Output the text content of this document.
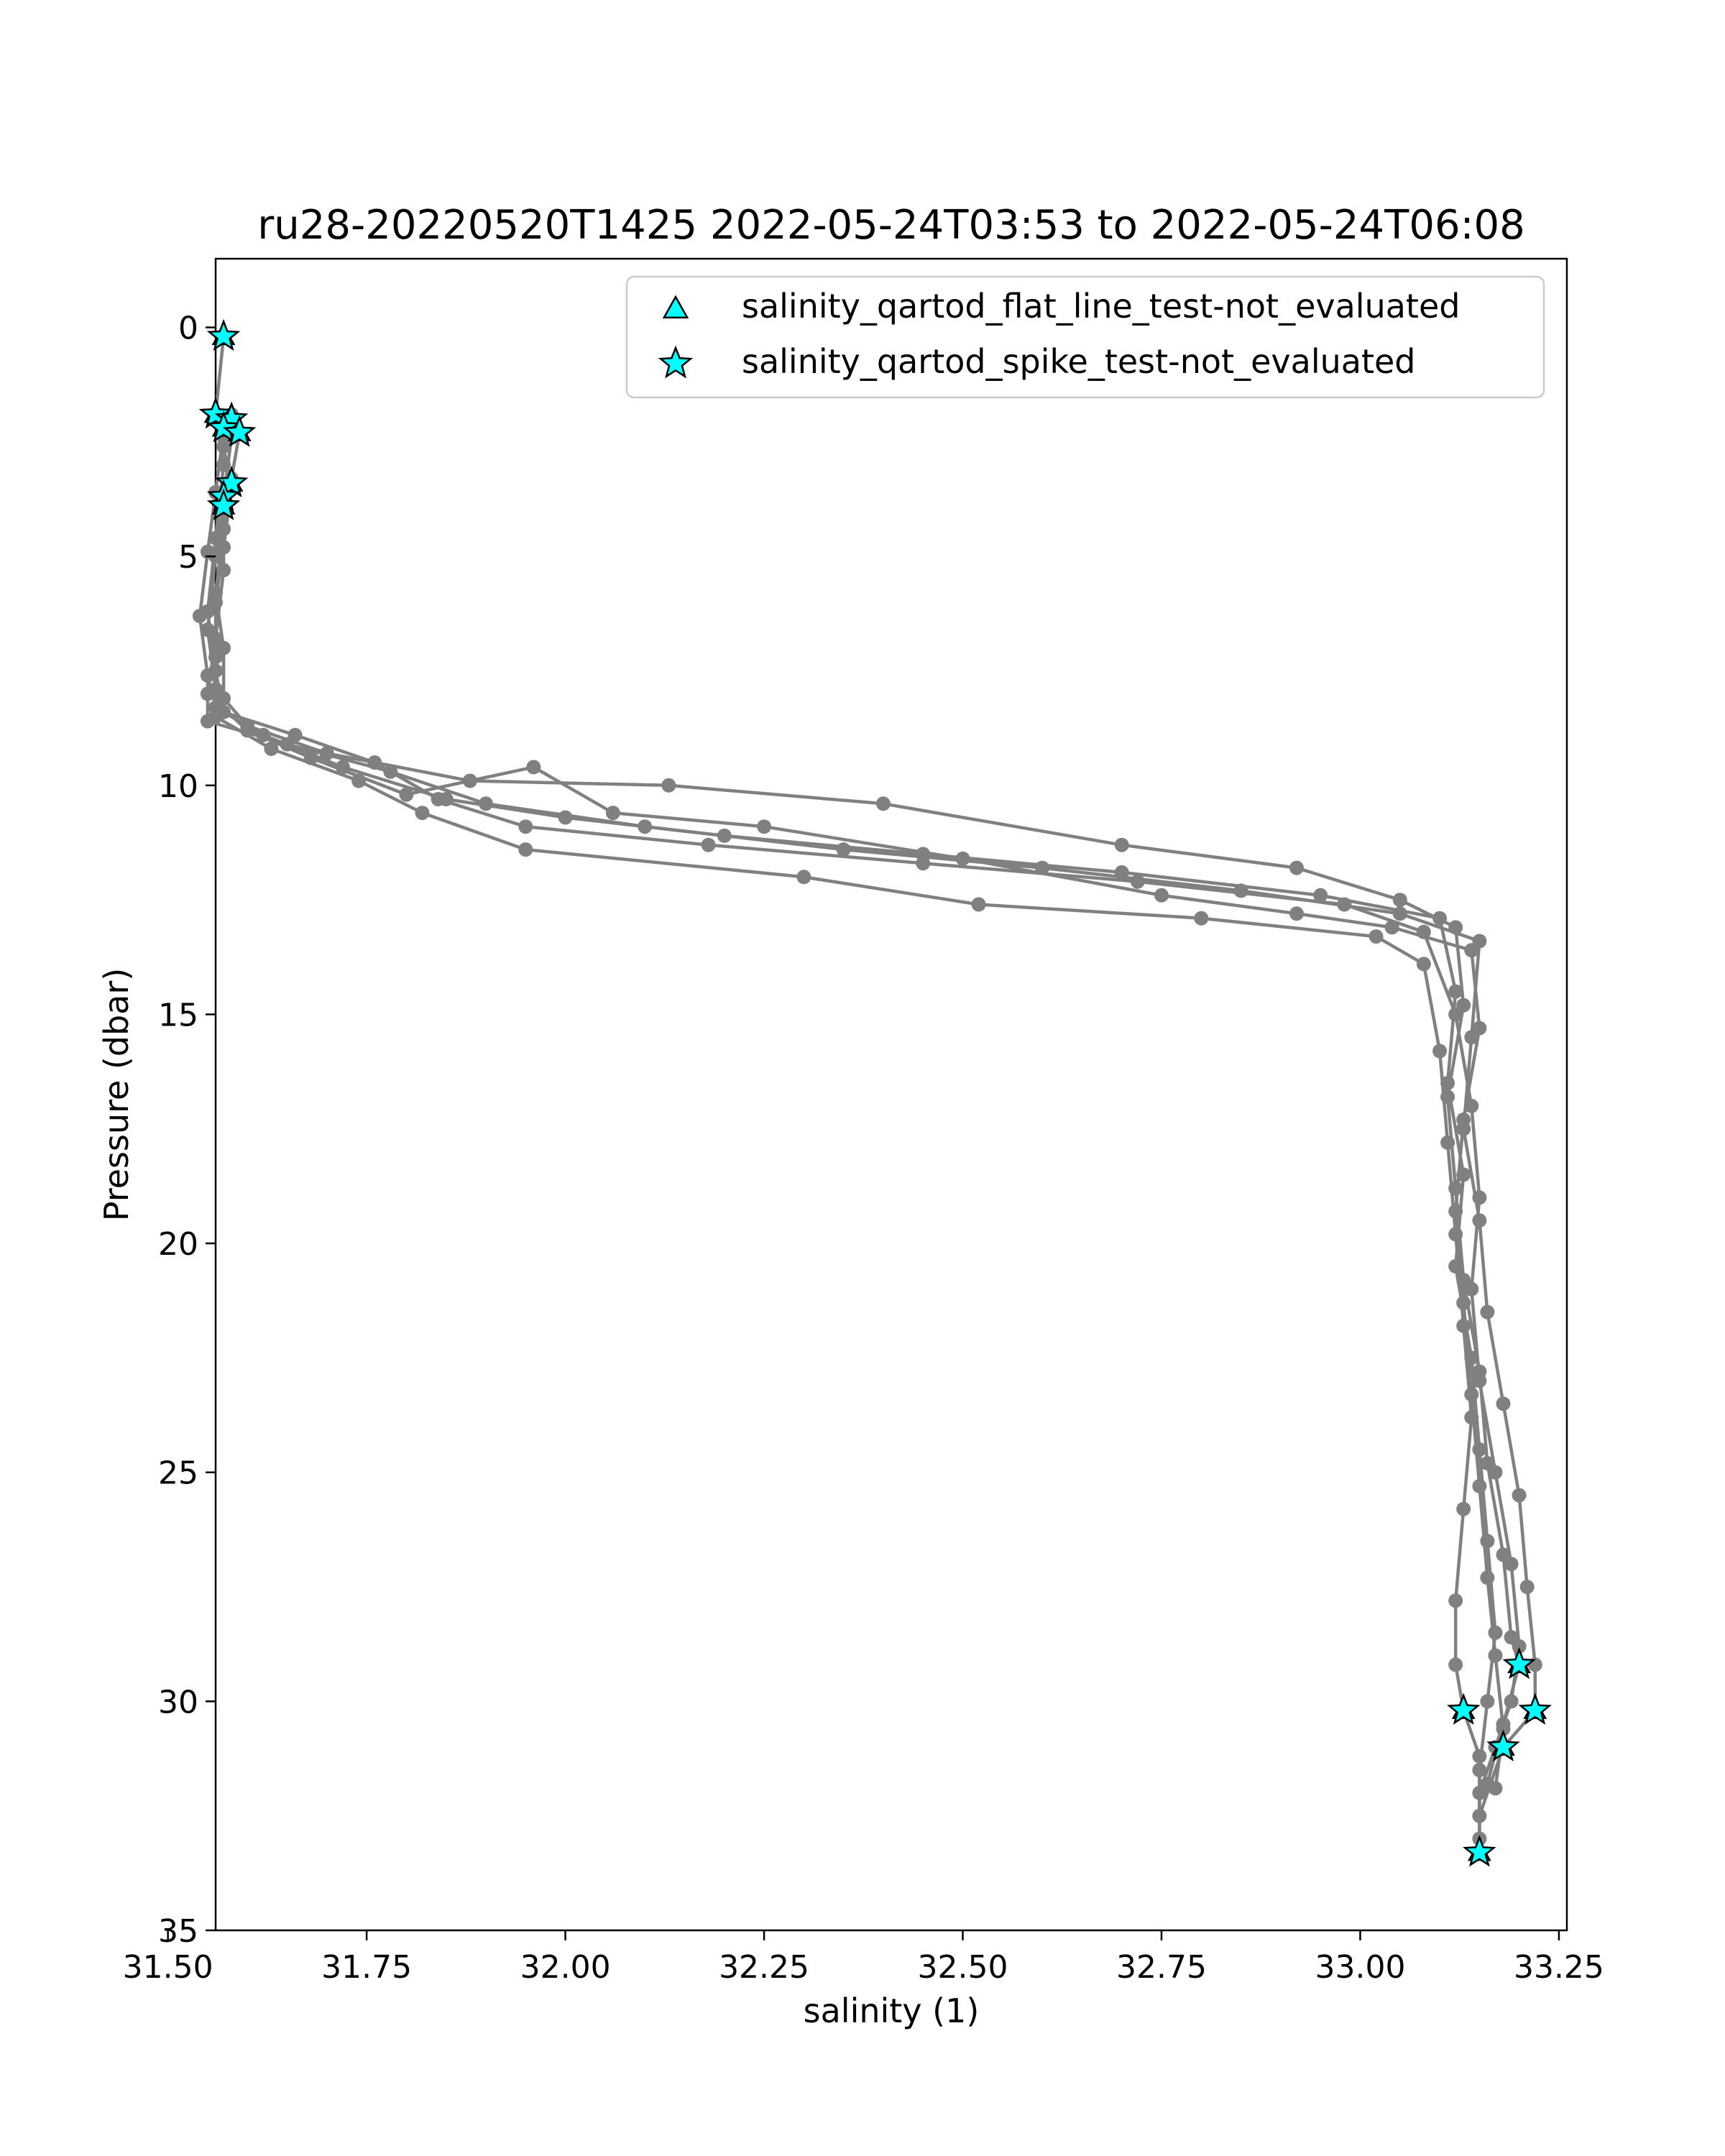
ru28-20220520T1425 2022-05-24T03:53 to 2022-05-24T06:08
31.50	31.75	32.00	32.25	32.50	32.75	33.00	33.25
0
5
10
15
20
25
30
35
salinity (1)
Pressure (dbar)
salinity_qartod_flat_line_test-not_evaluated
salinity_qartod_spike_test-not_evaluated
